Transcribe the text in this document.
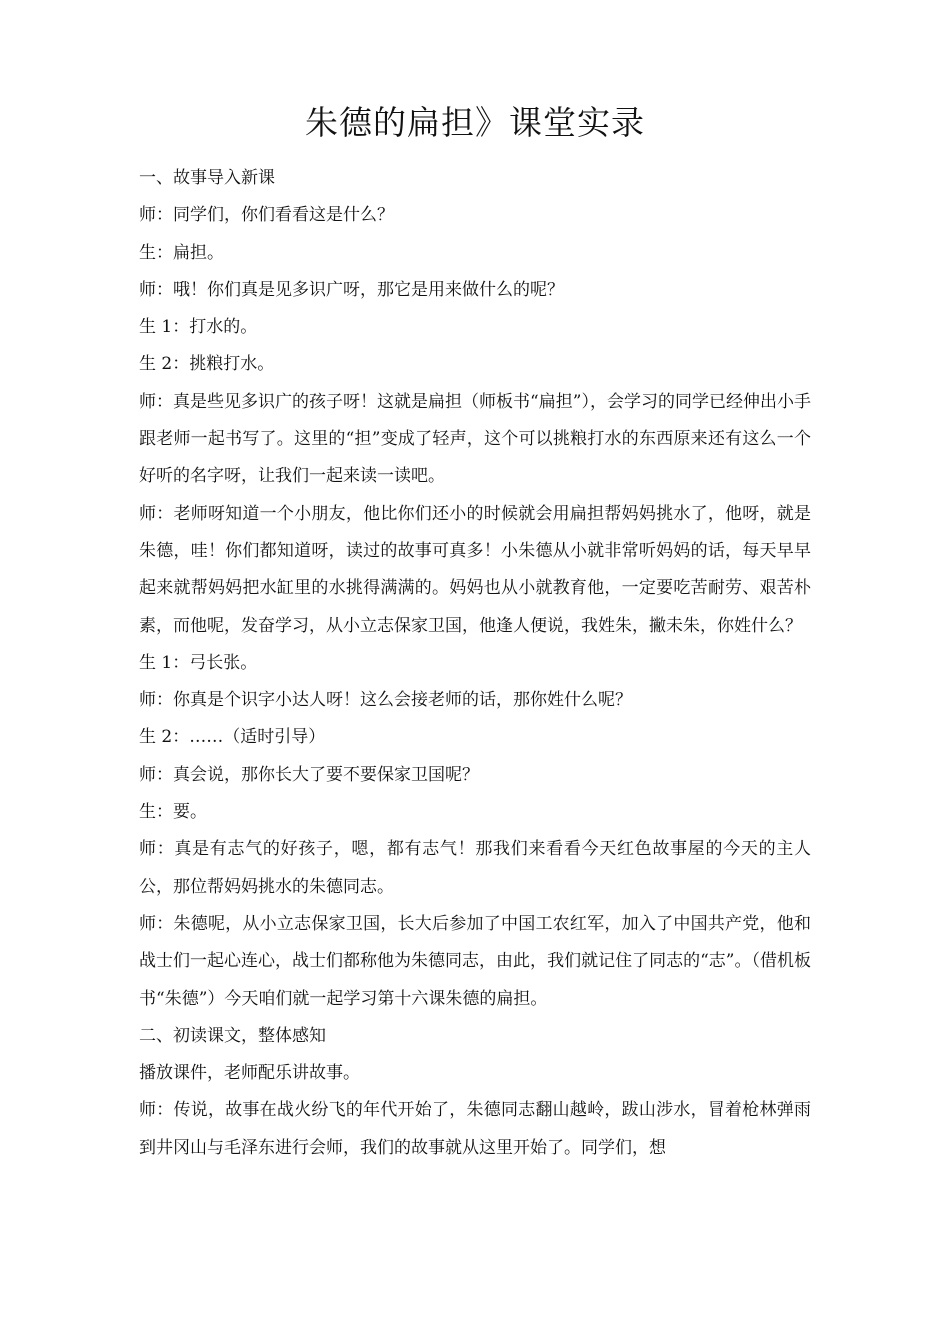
朱德的扁担》课堂实录

一、故事导入新课

师：同学们，你们看看这是什么？

生：扁担。

师：哦！你们真是见多识广呀，那它是用来做什么的呢？

生 1：打水的。

生 2：挑粮打水。

师：真是些见多识广的孩子呀！这就是扁担（师板书“扁担”），会学习的同学已经伸出小手跟老师一起书写了。这里的“担”变成了轻声，这个可以挑粮打水的东西原来还有这么一个好听的名字呀，让我们一起来读一读吧。

师：老师呀知道一个小朋友，他比你们还小的时候就会用扁担帮妈妈挑水了，他呀，就是朱德，哇！你们都知道呀，读过的故事可真多！小朱德从小就非常听妈妈的话，每天早早起来就帮妈妈把水缸里的水挑得满满的。妈妈也从小就教育他，一定要吃苦耐劳、艰苦朴素，而他呢，发奋学习，从小立志保家卫国，他逢人便说，我姓朱，撇未朱，你姓什么？

生 1：弓长张。

师：你真是个识字小达人呀！这么会接老师的话，那你姓什么呢？

生 2：……（适时引导）

师：真会说，那你长大了要不要保家卫国呢？

生：要。

师：真是有志气的好孩子，嗯，都有志气！那我们来看看今天红色故事屋的今天的主人公，那位帮妈妈挑水的朱德同志。

师：朱德呢，从小立志保家卫国，长大后参加了中国工农红军，加入了中国共产党，他和战士们一起心连心，战士们都称他为朱德同志，由此，我们就记住了同志的“志”。（借机板书“朱德”）今天咱们就一起学习第十六课朱德的扁担。

二、初读课文，整体感知

播放课件，老师配乐讲故事。

师：传说，故事在战火纷飞的年代开始了，朱德同志翻山越岭，跋山涉水，冒着枪林弹雨到井冈山与毛泽东进行会师，我们的故事就从这里开始了。同学们，想
